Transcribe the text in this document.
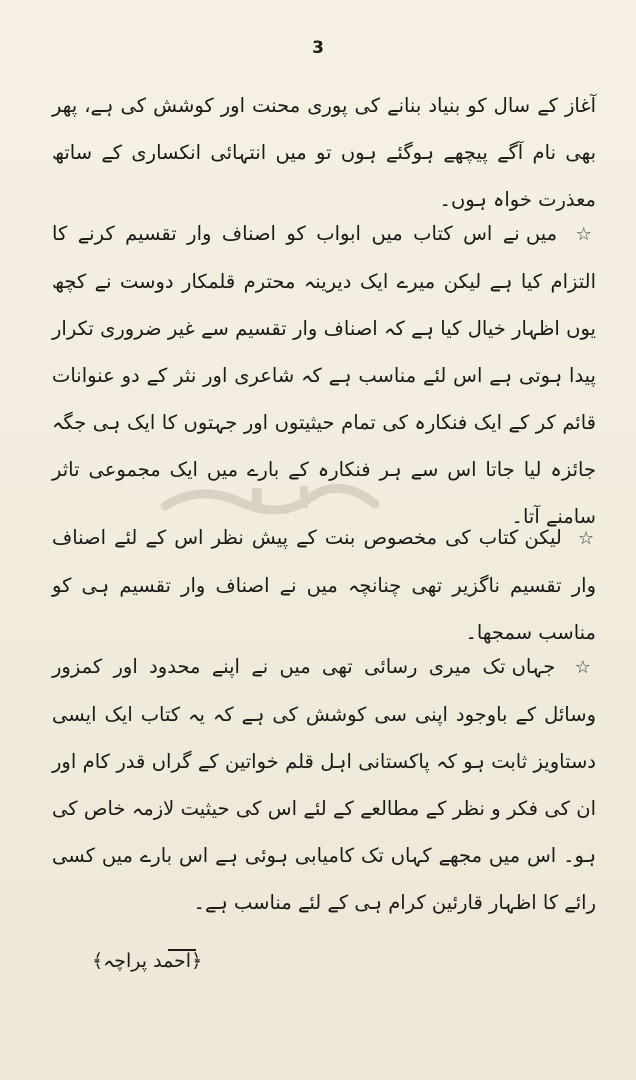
3

آغاز کے سال کو بنیاد بنانے کی پوری محنت اور کوشش کی ہے، پھر بھی نام آگے پیچھے ہوگئے ہوں تو میں انتہائی انکساری کے ساتھ معذرت خواہ ہوں۔

☆ میں نے اس کتاب میں ابواب کو اصناف وار تقسیم کرنے کا التزام کیا ہے لیکن میرے ایک دیرینہ محترم قلمکار دوست نے کچھ یوں اظہار خیال کیا ہے کہ اصناف وار تقسیم سے غیر ضروری تکرار پیدا ہوتی ہے اس لئے مناسب ہے کہ شاعری اور نثر کے دو عنوانات قائم کر کے ایک فنکارہ کی تمام حیثیتوں اور جہتوں کا ایک ہی جگہ جائزہ لیا جاتا اس سے ہر فنکارہ کے بارے میں ایک مجموعی تاثر سامنے آتا۔

☆ لیکن کتاب کی مخصوص بنت کے پیش نظر اس کے لئے اصناف وار تقسیم ناگزیر تھی چنانچہ میں نے اصناف وار تقسیم ہی کو مناسب سمجھا۔

☆ جہاں تک میری رسائی تھی میں نے اپنے محدود اور کمزور وسائل کے باوجود اپنی سی کوشش کی ہے کہ یہ کتاب ایک ایسی دستاویز ثابت ہو کہ پاکستانی اہل قلم خواتین کے گراں قدر کام اور ان کی فکر و نظر کے مطالعے کے لئے اس کی حیثیت لازمہ خاص کی ہو۔ اس میں مجھے کہاں تک کامیابی ہوئی ہے اس بارے میں کسی رائے کا اظہار قارئین کرام ہی کے لئے مناسب ہے۔

﴿احمد پراچہ﴾
